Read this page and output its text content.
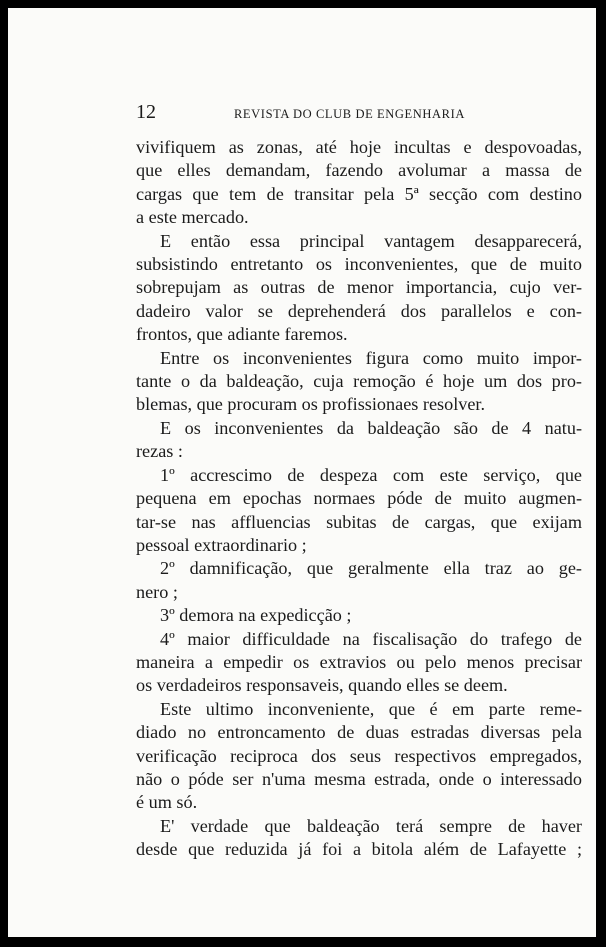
12	REVISTA DO CLUB DE ENGENHARIA
vivifiquem as zonas, até hoje incultas e despovoadas,
que elles demandam, fazendo avolumar a massa de
cargas que tem de transitar pela 5ª secção com destino
a este mercado.
E então essa principal vantagem desapparecerá,
subsistindo entretanto os inconvenientes, que de muito
sobrepujam as outras de menor importancia, cujo ver-
dadeiro valor se deprehenderá dos parallelos e con-
frontos, que adiante faremos.
Entre os inconvenientes figura como muito impor-
tante o da baldeação, cuja remoção é hoje um dos pro-
blemas, que procuram os profissionaes resolver.
E os inconvenientes da baldeação são de 4 natu-
rezas :
1º accrescimo de despeza com este serviço, que
pequena em epochas normaes póde de muito augmen-
tar-se nas affluencias subitas de cargas, que exijam
pessoal extraordinario ;
2º damnificação, que geralmente ella traz ao ge-
nero ;
3º demora na expedicção ;
4º maior difficuldade na fiscalisação do trafego de
maneira a empedir os extravios ou pelo menos precisar
os verdadeiros responsaveis, quando elles se deem.
Este ultimo inconveniente, que é em parte reme-
diado no entroncamento de duas estradas diversas pela
verificação reciproca dos seus respectivos empregados,
não o póde ser n'uma mesma estrada, onde o interessado
é um só.
E' verdade que baldeação terá sempre de haver
desde que reduzida já foi a bitola além de Lafayette ;
